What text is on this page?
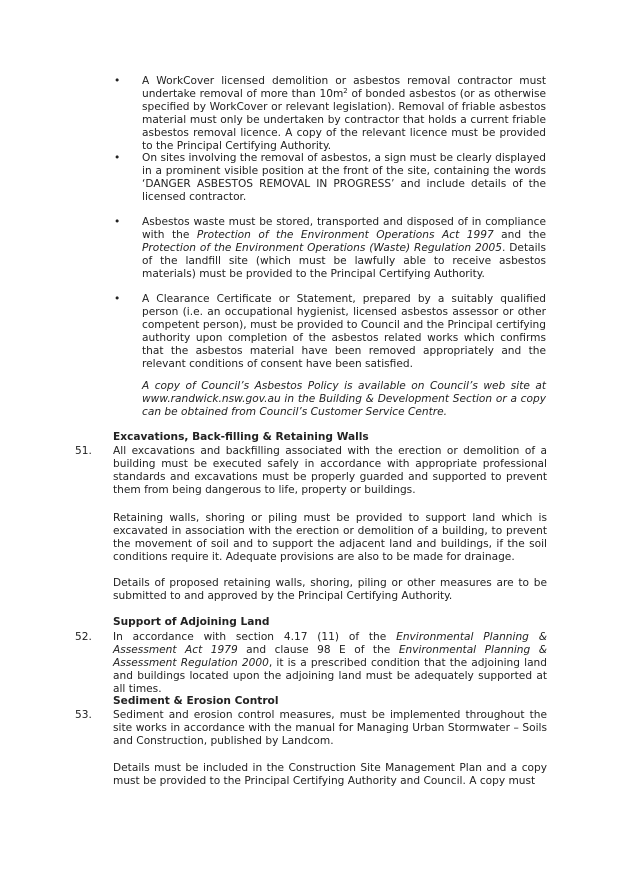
• A WorkCover licensed demolition or asbestos removal contractor must undertake removal of more than $10m^2$ of bonded asbestos (or as otherwise specified by WorkCover or relevant legislation). Removal of friable asbestos material must only be undertaken by contractor that holds a current friable asbestos removal licence. A copy of the relevant licence must be provided to the Principal Certifying Authority.
• On sites involving the removal of asbestos, a sign must be clearly displayed in a prominent visible position at the front of the site, containing the words ‘DANGER ASBESTOS REMOVAL IN PROGRESS’ and include details of the licensed contractor.
• Asbestos waste must be stored, transported and disposed of in compliance with the Protection of the Environment Operations Act 1997 and the Protection of the Environment Operations (Waste) Regulation 2005. Details of the landfill site (which must be lawfully able to receive asbestos materials) must be provided to the Principal Certifying Authority.
• A Clearance Certificate or Statement, prepared by a suitably qualified person (i.e. an occupational hygienist, licensed asbestos assessor or other competent person), must be provided to Council and the Principal certifying authority upon completion of the asbestos related works which confirms that the asbestos material have been removed appropriately and the relevant conditions of consent have been satisfied.
A copy of Council’s Asbestos Policy is available on Council’s web site at www.randwick.nsw.gov.au in the Building & Development Section or a copy can be obtained from Council’s Customer Service Centre.
Excavations, Back-filling & Retaining Walls
51. All excavations and backfilling associated with the erection or demolition of a building must be executed safely in accordance with appropriate professional standards and excavations must be properly guarded and supported to prevent them from being dangerous to life, property or buildings.
Retaining walls, shoring or piling must be provided to support land which is excavated in association with the erection or demolition of a building, to prevent the movement of soil and to support the adjacent land and buildings, if the soil conditions require it. Adequate provisions are also to be made for drainage.
Details of proposed retaining walls, shoring, piling or other measures are to be submitted to and approved by the Principal Certifying Authority.
Support of Adjoining Land
52. In accordance with section 4.17 (11) of the Environmental Planning & Assessment Act 1979 and clause 98 E of the Environmental Planning & Assessment Regulation 2000, it is a prescribed condition that the adjoining land and buildings located upon the adjoining land must be adequately supported at all times.
Sediment & Erosion Control
53. Sediment and erosion control measures, must be implemented throughout the site works in accordance with the manual for Managing Urban Stormwater – Soils and Construction, published by Landcom.
Details must be included in the Construction Site Management Plan and a copy must be provided to the Principal Certifying Authority and Council. A copy must
